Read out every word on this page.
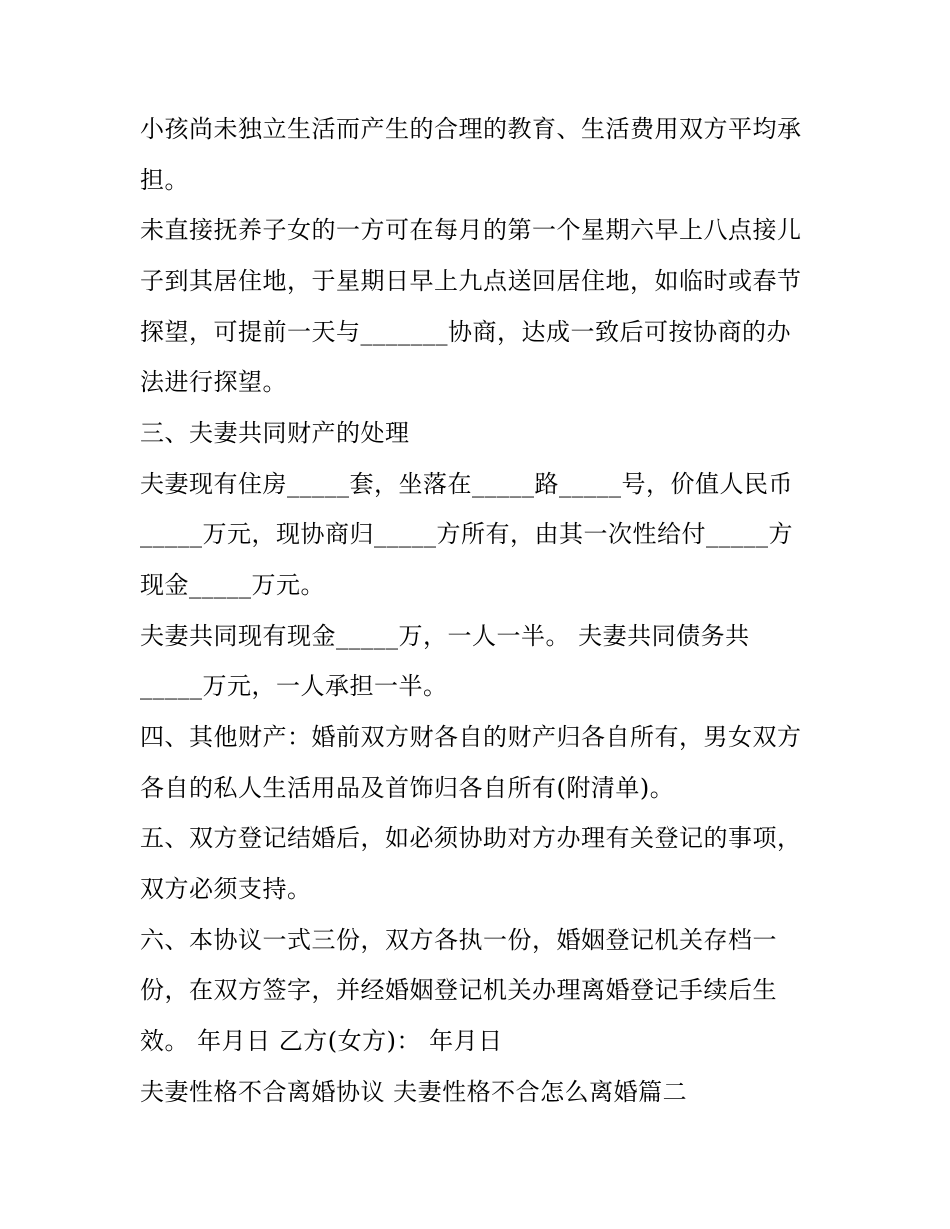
小孩尚未独立生活而产生的合理的教育、生活费用双方平均承
担。
未直接抚养子女的一方可在每月的第一个星期六早上八点接儿
子到其居住地，于星期日早上九点送回居住地，如临时或春节
探望，可提前一天与_______协商，达成一致后可按协商的办
法进行探望。
三、夫妻共同财产的处理
夫妻现有住房_____套，坐落在_____路_____号，价值人民币
_____万元，现协商归_____方所有，由其一次性给付_____方
现金_____万元。
夫妻共同现有现金_____万，一人一半。 夫妻共同债务共
_____万元，一人承担一半。
四、其他财产：婚前双方财各自的财产归各自所有，男女双方
各自的私人生活用品及首饰归各自所有(附清单)。
五、双方登记结婚后，如必须协助对方办理有关登记的事项，
双方必须支持。
六、本协议一式三份，双方各执一份，婚姻登记机关存档一
份，在双方签字，并经婚姻登记机关办理离婚登记手续后生
效。 年月日 乙方(女方)： 年月日
夫妻性格不合离婚协议 夫妻性格不合怎么离婚篇二
